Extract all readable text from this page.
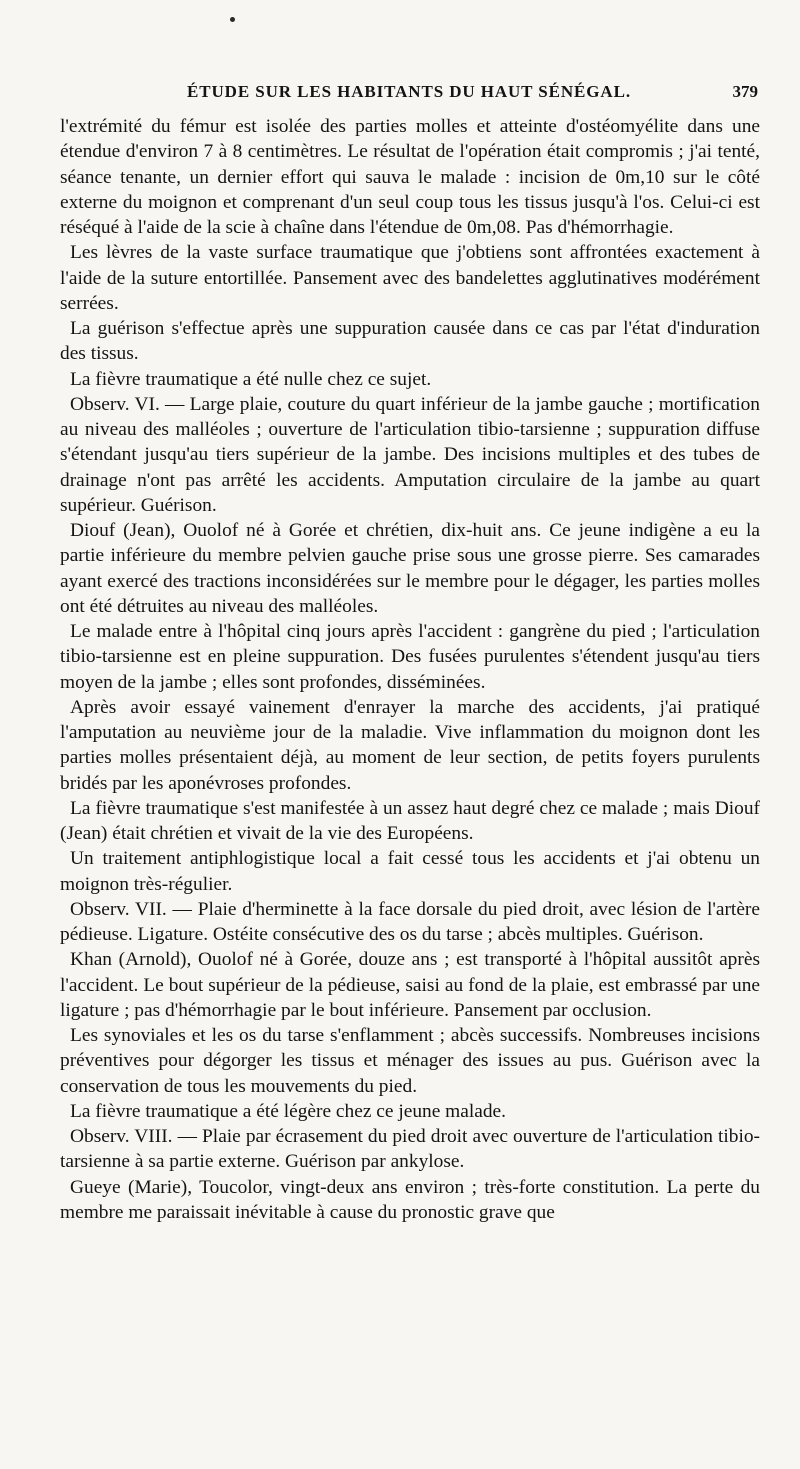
ÉTUDE SUR LES HABITANTS DU HAUT SÉNÉGAL.	379

l'extrémité du fémur est isolée des parties molles et atteinte d'ostéomyélite dans une étendue d'environ 7 à 8 centimètres. Le résultat de l'opération était compromis ; j'ai tenté, séance tenante, un dernier effort qui sauva le malade : incision de 0m,10 sur le côté externe du moignon et comprenant d'un seul coup tous les tissus jusqu'à l'os. Celui-ci est réséqué à l'aide de la scie à chaîne dans l'étendue de 0m,08. Pas d'hémorrhagie.

Les lèvres de la vaste surface traumatique que j'obtiens sont affrontées exactement à l'aide de la suture entortillée. Pansement avec des bandelettes agglutinatives modérément serrées.

La guérison s'effectue après une suppuration causée dans ce cas par l'état d'induration des tissus.

La fièvre traumatique a été nulle chez ce sujet.

Observ. VI. — Large plaie, couture du quart inférieur de la jambe gauche ; mortification au niveau des malléoles ; ouverture de l'articulation tibio-tarsienne ; suppuration diffuse s'étendant jusqu'au tiers supérieur de la jambe. Des incisions multiples et des tubes de drainage n'ont pas arrêté les accidents. Amputation circulaire de la jambe au quart supérieur. Guérison.

Diouf (Jean), Ouolof né à Gorée et chrétien, dix-huit ans. Ce jeune indigène a eu la partie inférieure du membre pelvien gauche prise sous une grosse pierre. Ses camarades ayant exercé des tractions inconsidérées sur le membre pour le dégager, les parties molles ont été détruites au niveau des malléoles.

Le malade entre à l'hôpital cinq jours après l'accident : gangrène du pied ; l'articulation tibio-tarsienne est en pleine suppuration. Des fusées purulentes s'étendent jusqu'au tiers moyen de la jambe ; elles sont profondes, disséminées.

Après avoir essayé vainement d'enrayer la marche des accidents, j'ai pratiqué l'amputation au neuvième jour de la maladie. Vive inflammation du moignon dont les parties molles présentaient déjà, au moment de leur section, de petits foyers purulents bridés par les aponévroses profondes.

La fièvre traumatique s'est manifestée à un assez haut degré chez ce malade ; mais Diouf (Jean) était chrétien et vivait de la vie des Européens.

Un traitement antiphlogistique local a fait cessé tous les accidents et j'ai obtenu un moignon très-régulier.

Observ. VII. — Plaie d'herminette à la face dorsale du pied droit, avec lésion de l'artère pédieuse. Ligature. Ostéite consécutive des os du tarse ; abcès multiples. Guérison.

Khan (Arnold), Ouolof né à Gorée, douze ans ; est transporté à l'hôpital aussitôt après l'accident. Le bout supérieur de la pédieuse, saisi au fond de la plaie, est embrassé par une ligature ; pas d'hémorrhagie par le bout inférieure. Pansement par occlusion.

Les synoviales et les os du tarse s'enflamment ; abcès successifs. Nombreuses incisions préventives pour dégorger les tissus et ménager des issues au pus. Guérison avec la conservation de tous les mouvements du pied.

La fièvre traumatique a été légère chez ce jeune malade.

Observ. VIII. — Plaie par écrasement du pied droit avec ouverture de l'articulation tibio-tarsienne à sa partie externe. Guérison par ankylose.

Gueye (Marie), Toucolor, vingt-deux ans environ ; très-forte constitution. La perte du membre me paraissait inévitable à cause du pronostic grave que
